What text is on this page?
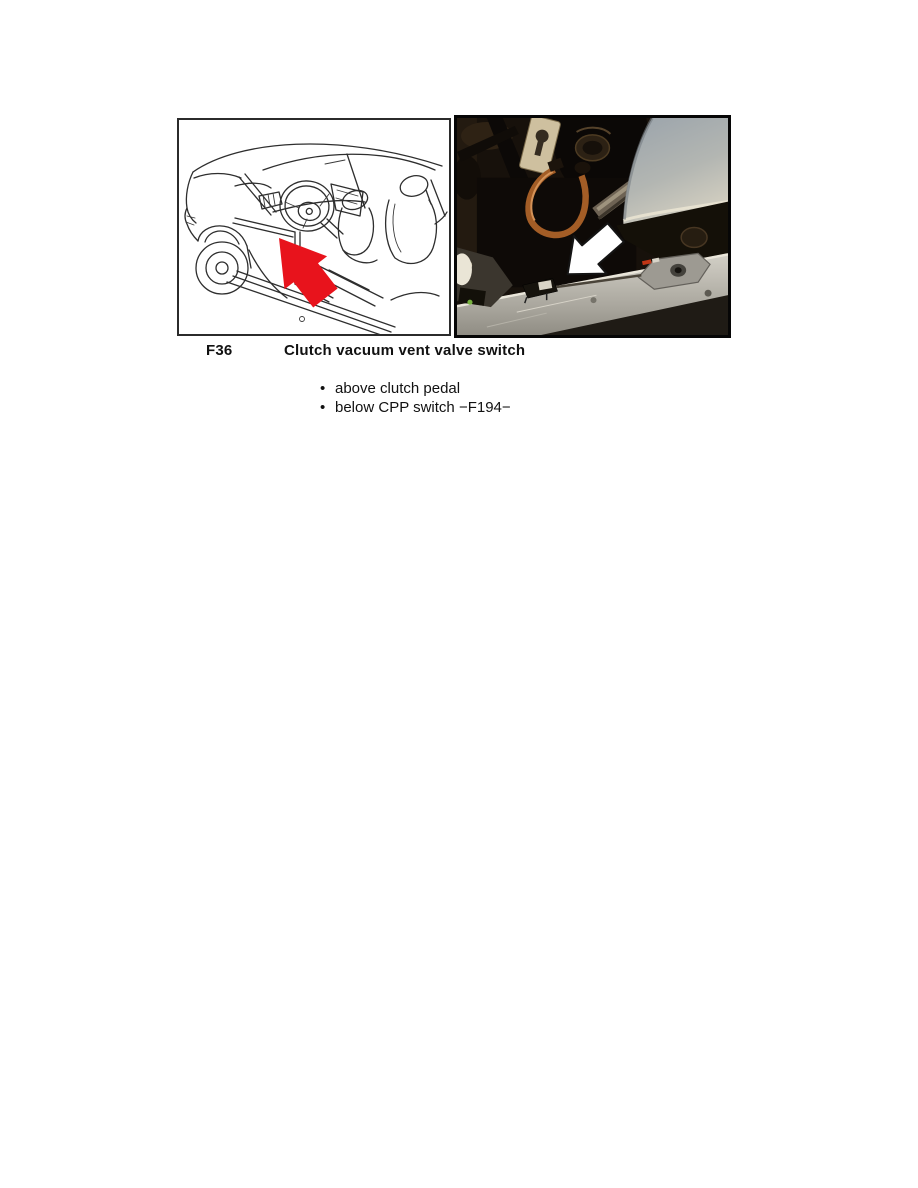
F36	Clutch vacuum vent valve switch
• above clutch pedal
• below CPP switch −F194−
